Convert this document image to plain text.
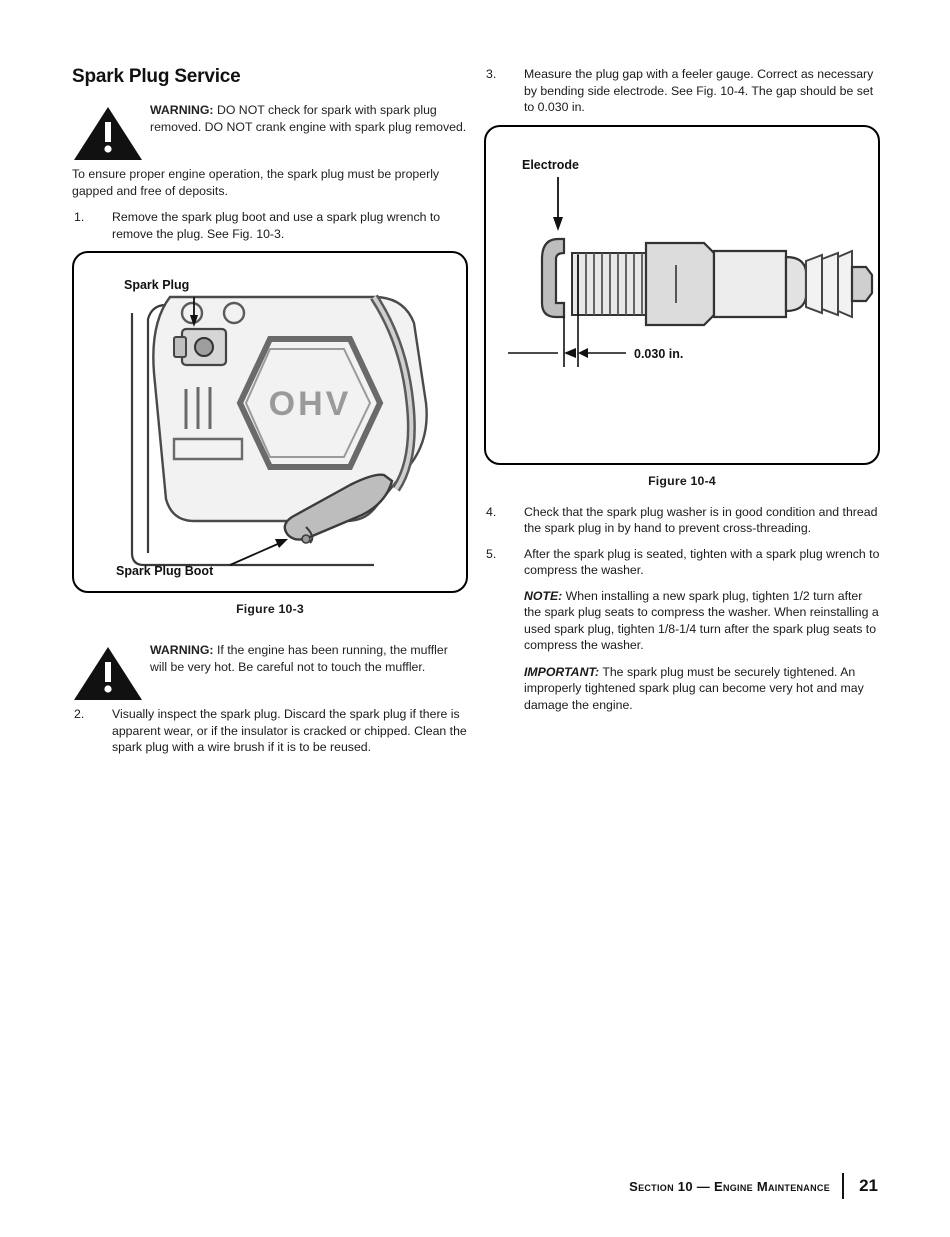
Spark Plug Service
WARNING: DO NOT check for spark with spark plug removed. DO NOT crank engine with spark plug removed.

To ensure proper engine operation, the spark plug must be properly gapped and free of deposits.

1.	Remove the spark plug boot and use a spark plug wrench to remove the plug. See Fig. 10-3.
OHV
Spark Plug
Spark Plug Boot
Figure 10-3
WARNING: If the engine has been running, the muffler will be very hot. Be careful not to touch the muffler.
2.	Visually inspect the spark plug. Discard the spark plug if there is apparent wear, or if the insulator is cracked or chipped. Clean the spark plug with a wire brush if it is to be reused.
3.	Measure the plug gap with a feeler gauge. Correct as necessary by bending side electrode. See Fig. 10-4. The gap should be set to 0.030 in.
Electrode
0.030 in.
Figure 10-4
4.	Check that the spark plug washer is in good condition and thread the spark plug in by hand to prevent cross-threading.
5.	After the spark plug is seated, tighten with a spark plug wrench to compress the washer.
NOTE: When installing a new spark plug, tighten 1/2 turn after the spark plug seats to compress the washer. When reinstalling a used spark plug, tighten 1/8-1/4 turn after the spark plug seats to compress the washer.
IMPORTANT: The spark plug must be securely tightened. An improperly tightened spark plug can become very hot and may damage the engine.
Section 10 — Engine Maintenance 21
